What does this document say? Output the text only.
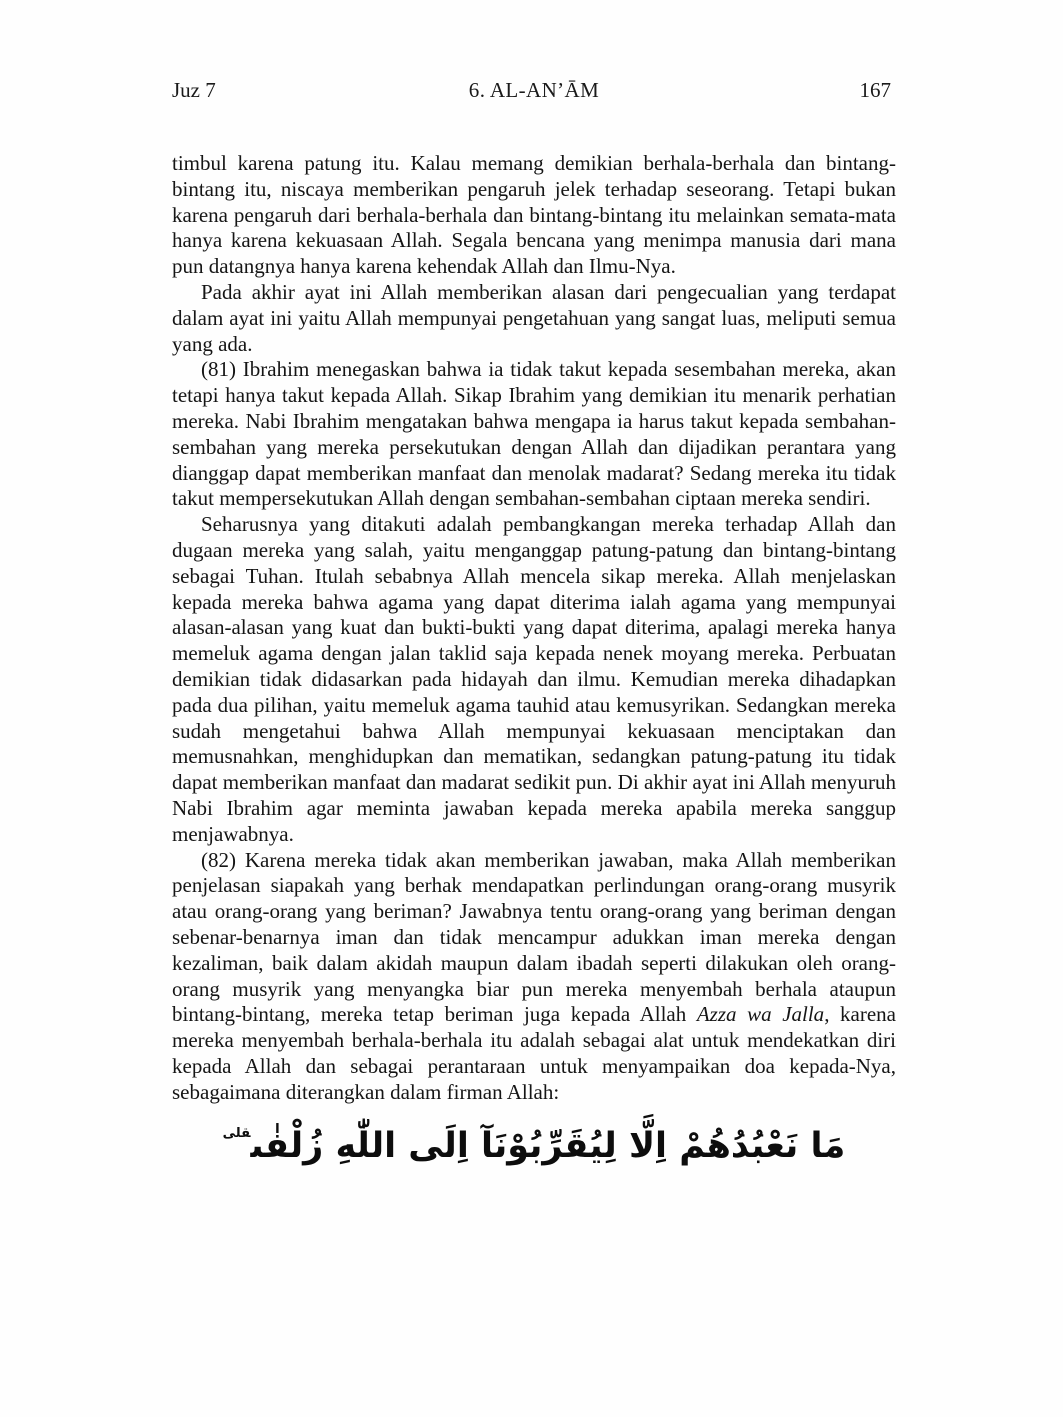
Juz 7	6. AL-AN’ĀM	167

timbul karena patung itu. Kalau memang demikian berhala-berhala dan bintang-bintang itu, niscaya memberikan pengaruh jelek terhadap seseorang. Tetapi bukan karena pengaruh dari berhala-berhala dan bintang-bintang itu melainkan semata-mata hanya karena kekuasaan Allah. Segala bencana yang menimpa manusia dari mana pun datangnya hanya karena kehendak Allah dan Ilmu-Nya.

Pada akhir ayat ini Allah memberikan alasan dari pengecualian yang terdapat dalam ayat ini yaitu Allah mempunyai pengetahuan yang sangat luas, meliputi semua yang ada.

(81) Ibrahim menegaskan bahwa ia tidak takut kepada sesembahan mereka, akan tetapi hanya takut kepada Allah. Sikap Ibrahim yang demikian itu menarik perhatian mereka. Nabi Ibrahim mengatakan bahwa mengapa ia harus takut kepada sembahan-sembahan yang mereka persekutukan dengan Allah dan dijadikan perantara yang dianggap dapat memberikan manfaat dan menolak madarat? Sedang mereka itu tidak takut mempersekutukan Allah dengan sembahan-sembahan ciptaan mereka sendiri.

Seharusnya yang ditakuti adalah pembangkangan mereka terhadap Allah dan dugaan mereka yang salah, yaitu menganggap patung-patung dan bintang-bintang sebagai Tuhan. Itulah sebabnya Allah mencela sikap mereka. Allah menjelaskan kepada mereka bahwa agama yang dapat diterima ialah agama yang mempunyai alasan-alasan yang kuat dan bukti-bukti yang dapat diterima, apalagi mereka hanya memeluk agama dengan jalan taklid saja kepada nenek moyang mereka. Perbuatan demikian tidak didasarkan pada hidayah dan ilmu. Kemudian mereka dihadapkan pada dua pilihan, yaitu memeluk agama tauhid atau kemusyrikan. Sedangkan mereka sudah mengetahui bahwa Allah mempunyai kekuasaan menciptakan dan memusnahkan, menghidupkan dan mematikan, sedangkan patung-patung itu tidak dapat memberikan manfaat dan madarat sedikit pun. Di akhir ayat ini Allah menyuruh Nabi Ibrahim agar meminta jawaban kepada mereka apabila mereka sanggup menjawabnya.

(82) Karena mereka tidak akan memberikan jawaban, maka Allah memberikan penjelasan siapakah yang berhak mendapatkan perlindungan orang-orang musyrik atau orang-orang yang beriman? Jawabnya tentu orang-orang yang beriman dengan sebenar-benarnya iman dan tidak mencampur adukkan iman mereka dengan kezaliman, baik dalam akidah maupun dalam ibadah seperti dilakukan oleh orang-orang musyrik yang menyangka biar pun mereka menyembah berhala ataupun bintang-bintang, mereka tetap beriman juga kepada Allah Azza wa Jalla, karena mereka menyembah berhala-berhala itu adalah sebagai alat untuk mendekatkan diri kepada Allah dan sebagai perantaraan untuk menyampaikan doa kepada-Nya, sebagaimana diterangkan dalam firman Allah:

مَا نَعْبُدُهُمْ اِلَّا لِيُقَرِّبُوْنَآ اِلَى اللّٰهِ زُلْفٰى$^{قلى}$
